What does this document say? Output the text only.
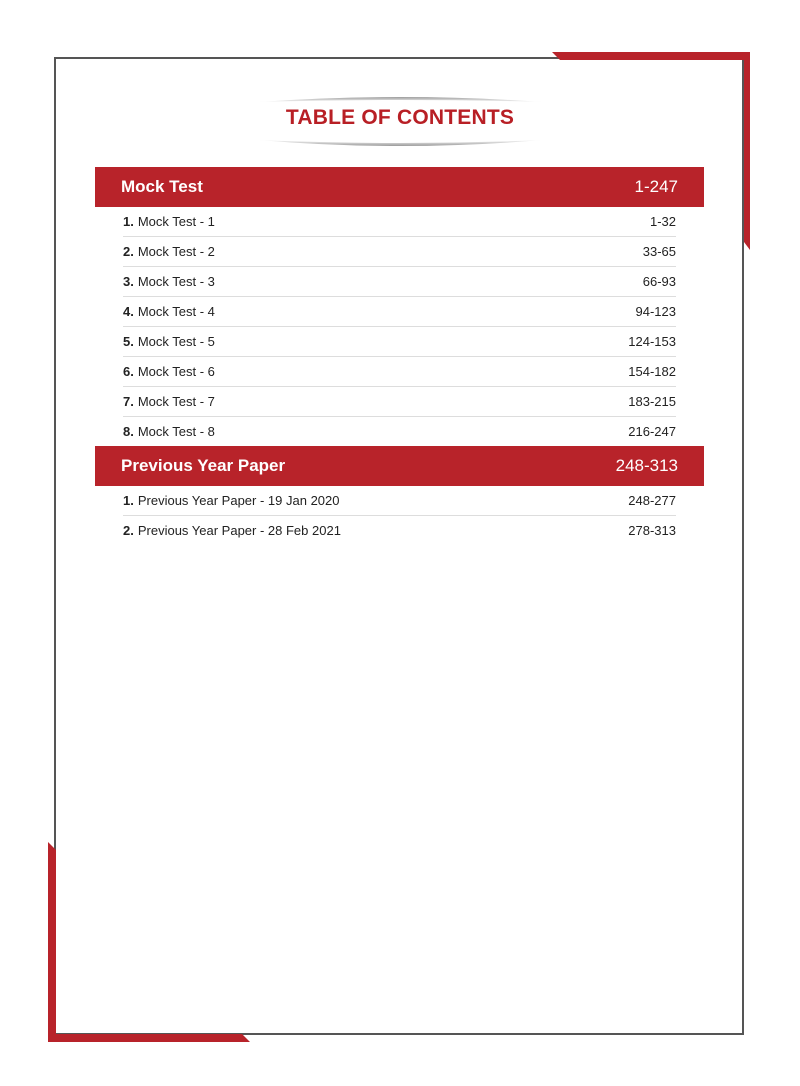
TABLE OF CONTENTS
Mock Test	1-247
1. Mock Test - 1	1-32
2. Mock Test - 2	33-65
3. Mock Test - 3	66-93
4. Mock Test - 4	94-123
5. Mock Test - 5	124-153
6. Mock Test - 6	154-182
7. Mock Test - 7	183-215
8. Mock Test - 8	216-247
Previous Year Paper	248-313
1. Previous Year Paper - 19 Jan 2020	248-277
2. Previous Year Paper - 28 Feb 2021	278-313
